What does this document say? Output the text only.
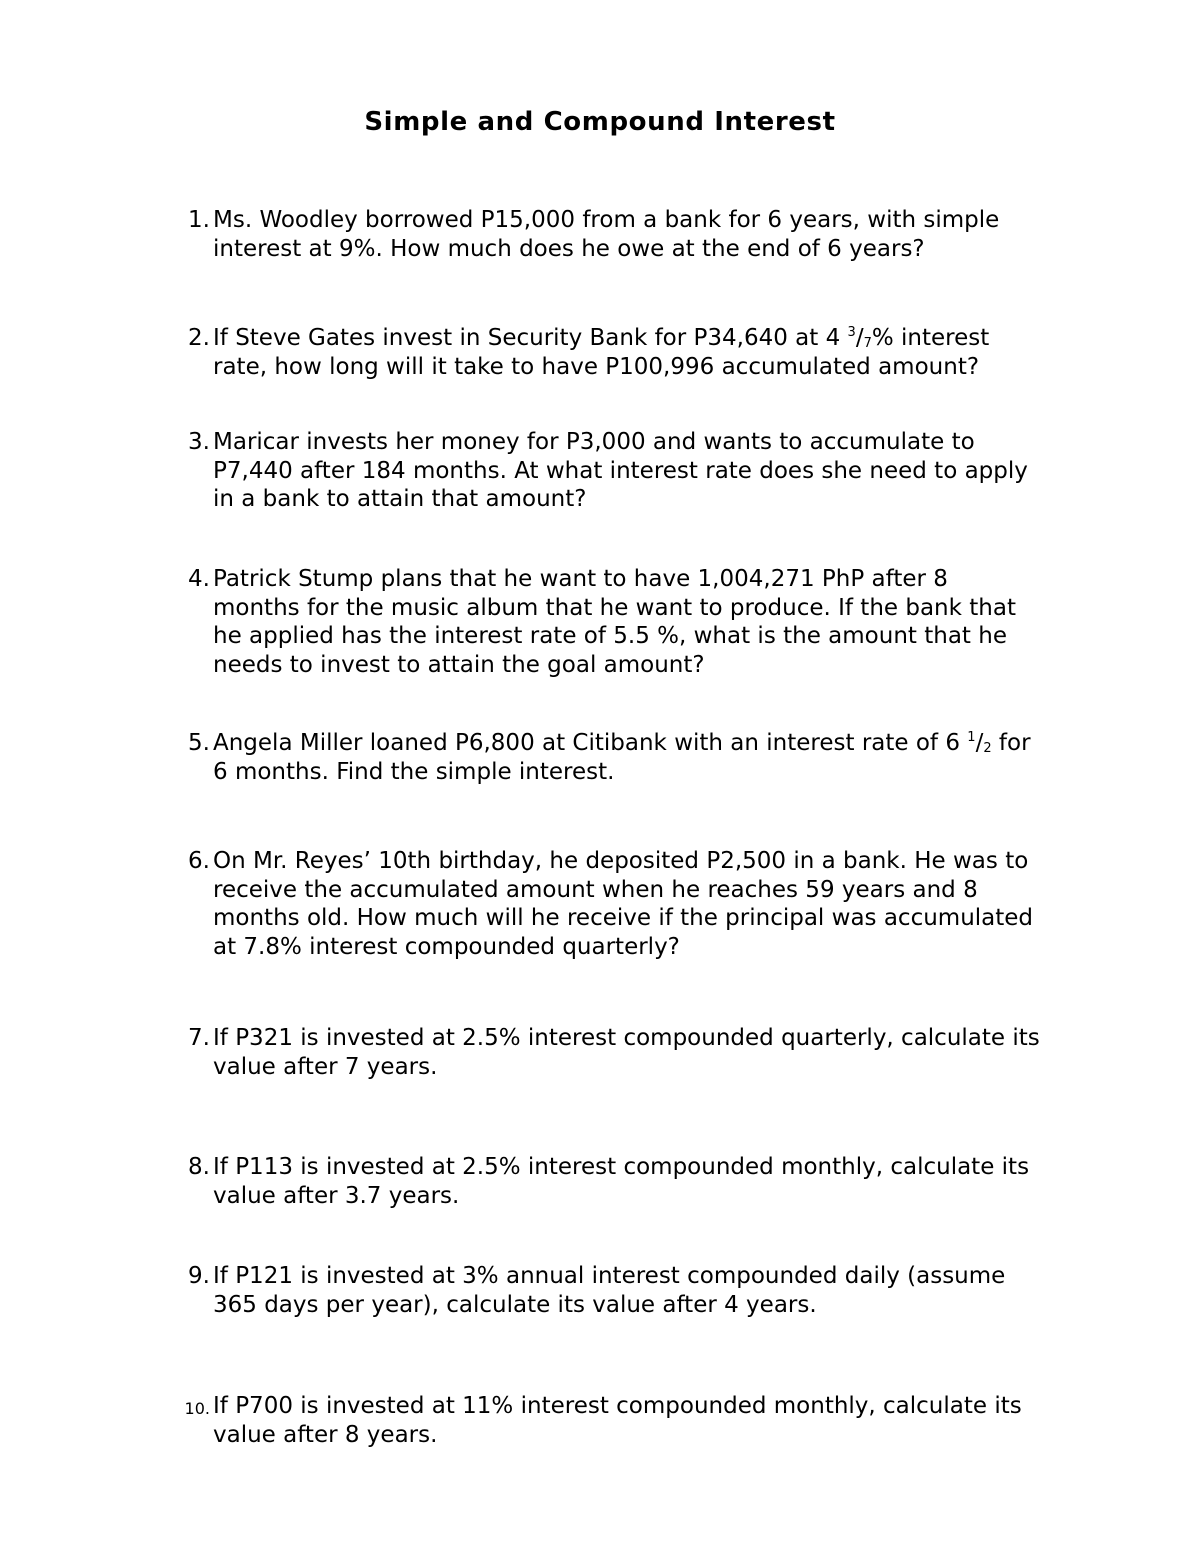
Simple and Compound Interest
1. Ms. Woodley borrowed P15,000 from a bank for 6 years, with simple
interest at 9%. How much does he owe at the end of 6 years?
2. If Steve Gates invest in Security Bank for P34,640 at 4 $^3/_7\%$ interest
rate, how long will it take to have P100,996 accumulated amount?
3. Maricar invests her money for P3,000 and wants to accumulate to
P7,440 after 184 months. At what interest rate does she need to apply
in a bank to attain that amount?
4. Patrick Stump plans that he want to have 1,004,271 PhP after 8
months for the music album that he want to produce. If the bank that
he applied has the interest rate of 5.5 %, what is the amount that he
needs to invest to attain the goal amount?
5. Angela Miller loaned P6,800 at Citibank with an interest rate of 6 $^1/_2$ for
6 months. Find the simple interest.
6. On Mr. Reyes’ 10th birthday, he deposited P2,500 in a bank. He was to
receive the accumulated amount when he reaches 59 years and 8
months old. How much will he receive if the principal was accumulated
at 7.8% interest compounded quarterly?
7. If P321 is invested at 2.5% interest compounded quarterly, calculate its
value after 7 years.
8. If P113 is invested at 2.5% interest compounded monthly, calculate its
value after 3.7 years.
9. If P121 is invested at 3% annual interest compounded daily (assume
365 days per year), calculate its value after 4 years.
10. If P700 is invested at 11% interest compounded monthly, calculate its
value after 8 years.
